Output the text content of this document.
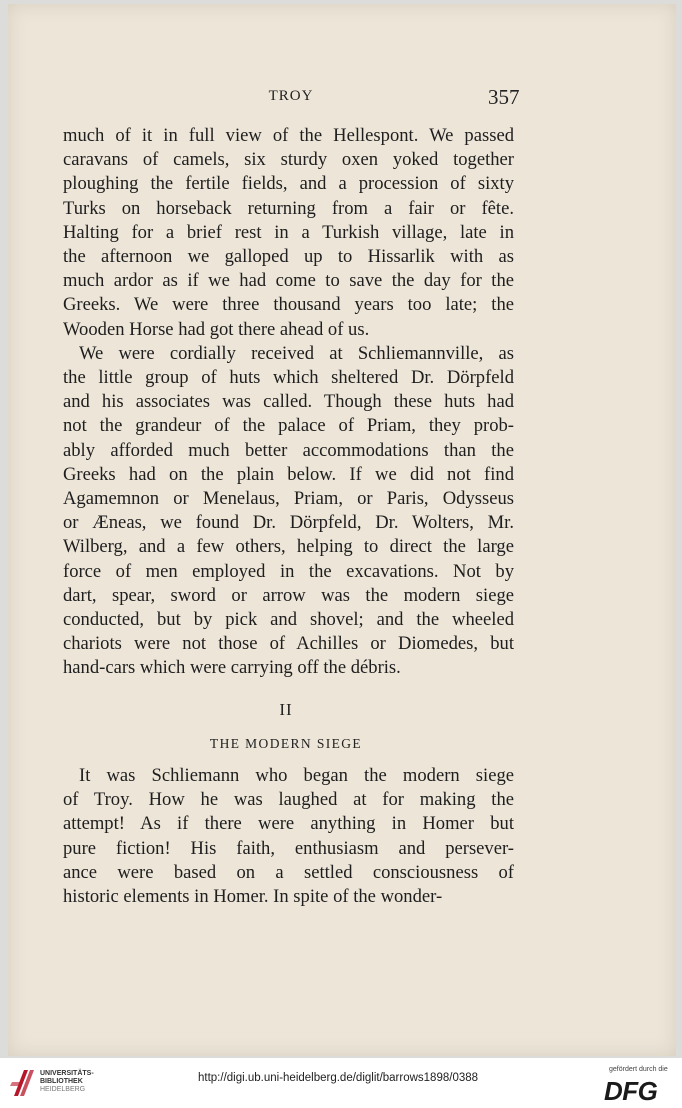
TROY	357
much of it in full view of the Hellespont. We passed
caravans of camels, six sturdy oxen yoked together
ploughing the fertile fields, and a procession of sixty
Turks on horseback returning from a fair or fête.
Halting for a brief rest in a Turkish village, late in
the afternoon we galloped up to Hissarlik with as
much ardor as if we had come to save the day for the
Greeks. We were three thousand years too late; the
Wooden Horse had got there ahead of us.
We were cordially received at Schliemannville, as
the little group of huts which sheltered Dr. Dörpfeld
and his associates was called. Though these huts had
not the grandeur of the palace of Priam, they prob-
ably afforded much better accommodations than the
Greeks had on the plain below. If we did not find
Agamemnon or Menelaus, Priam, or Paris, Odysseus
or Æneas, we found Dr. Dörpfeld, Dr. Wolters, Mr.
Wilberg, and a few others, helping to direct the large
force of men employed in the excavations. Not by
dart, spear, sword or arrow was the modern siege
conducted, but by pick and shovel; and the wheeled
chariots were not those of Achilles or Diomedes, but
hand-cars which were carrying off the débris.
II
THE MODERN SIEGE
It was Schliemann who began the modern siege
of Troy. How he was laughed at for making the
attempt! As if there were anything in Homer but
pure fiction! His faith, enthusiasm and persever-
ance were based on a settled consciousness of
historic elements in Homer. In spite of the wonder-
UNIVERSITÄTS-
BIBLIOTHEK
HEIDELBERG
http://digi.ub.uni-heidelberg.de/diglit/barrows1898/0388
gefördert durch die
DFG
